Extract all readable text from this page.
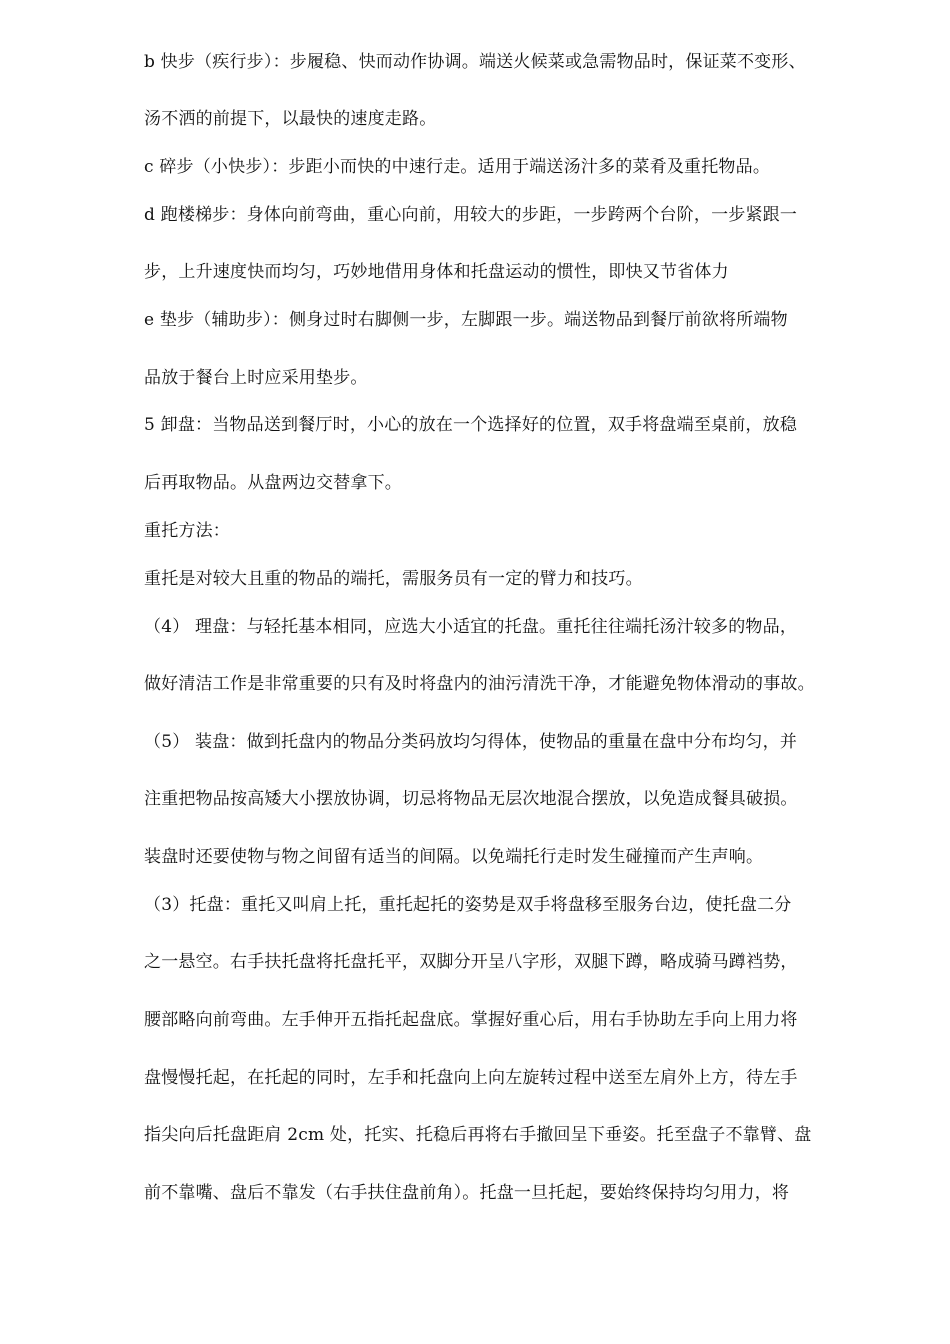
b 快步（疾行步）：步履稳、快而动作协调。端送火候菜或急需物品时，保证菜不变形、
汤不洒的前提下，以最快的速度走路。
c 碎步（小快步）：步距小而快的中速行走。适用于端送汤汁多的菜肴及重托物品。
d 跑楼梯步：身体向前弯曲，重心向前，用较大的步距，一步跨两个台阶，一步紧跟一
步，上升速度快而均匀，巧妙地借用身体和托盘运动的惯性，即快又节省体力
e 垫步（辅助步）：侧身过时右脚侧一步，左脚跟一步。端送物品到餐厅前欲将所端物
品放于餐台上时应采用垫步。
5 卸盘：当物品送到餐厅时，小心的放在一个选择好的位置，双手将盘端至桌前，放稳
后再取物品。从盘两边交替拿下。
重托方法：
重托是对较大且重的物品的端托，需服务员有一定的臂力和技巧。
（4） 理盘：与轻托基本相同，应选大小适宜的托盘。重托往往端托汤汁较多的物品，
做好清洁工作是非常重要的只有及时将盘内的油污清洗干净，才能避免物体滑动的事故。
（5） 装盘：做到托盘内的物品分类码放均匀得体，使物品的重量在盘中分布均匀，并
注重把物品按高矮大小摆放协调，切忌将物品无层次地混合摆放，以免造成餐具破损。
装盘时还要使物与物之间留有适当的间隔。以免端托行走时发生碰撞而产生声响。
（3）托盘：重托又叫肩上托，重托起托的姿势是双手将盘移至服务台边，使托盘二分
之一悬空。右手扶托盘将托盘托平，双脚分开呈八字形，双腿下蹲，略成骑马蹲裆势，
腰部略向前弯曲。左手伸开五指托起盘底。掌握好重心后，用右手协助左手向上用力将
盘慢慢托起，在托起的同时，左手和托盘向上向左旋转过程中送至左肩外上方，待左手
指尖向后托盘距肩 2cm 处，托实、托稳后再将右手撤回呈下垂姿。托至盘子不靠臂、盘
前不靠嘴、盘后不靠发（右手扶住盘前角）。托盘一旦托起，要始终保持均匀用力，将
